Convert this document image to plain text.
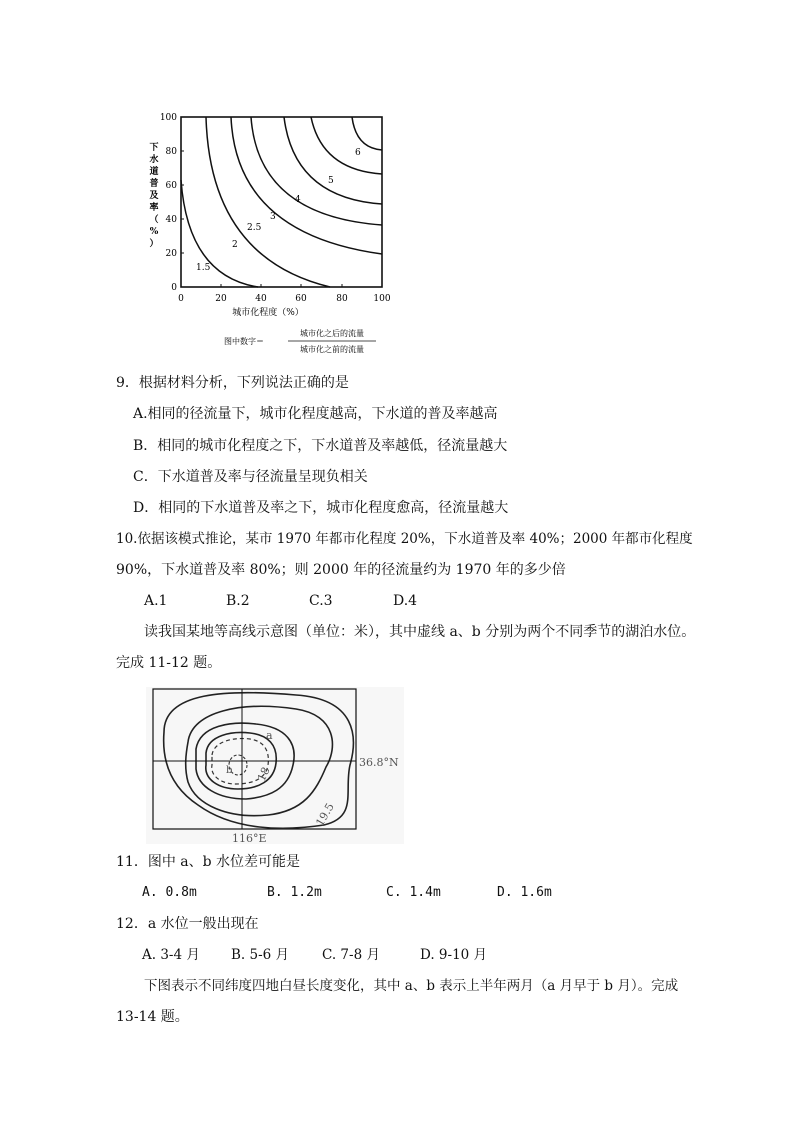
下
水
道
普
及
率
（
%
）
100
80
60
40
20
0
0	20	40	60	80	100
城市化程度（%）
1.5
2
2.5
3
4
5
6
图中数字＝
城市化之后的流量
城市化之前的流量
9．根据材料分析，下列说法正确的是
A.相同的径流量下，城市化程度越高，下水道的普及率越高
B．相同的城市化程度之下，下水道普及率越低，径流量越大
C．下水道普及率与径流量呈现负相关
D．相同的下水道普及率之下，城市化程度愈高，径流量越大
10.依据该模式推论，某市 1970 年都市化程度 20%，下水道普及率 40%；2000 年都市化程度
90%，下水道普及率 80%；则 2000 年的径流量约为 1970 年的多少倍
A.1	B.2	C.3	D.4
读我国某地等高线示意图（单位：米），其中虚线 a、b 分别为两个不同季节的湖泊水位。
完成 11-12 题。
36.8°N
116°E
18
19.5
a
b
11．图中 a、b 水位差可能是
A. 0.8m	B. 1.2m	C. 1.4m	D. 1.6m
12．a 水位一般出现在
A. 3-4 月 B. 5-6 月 C. 7-8 月	D. 9-10 月
下图表示不同纬度四地白昼长度变化，其中 a、b 表示上半年两月（a 月早于 b 月）。完成
13-14 题。
